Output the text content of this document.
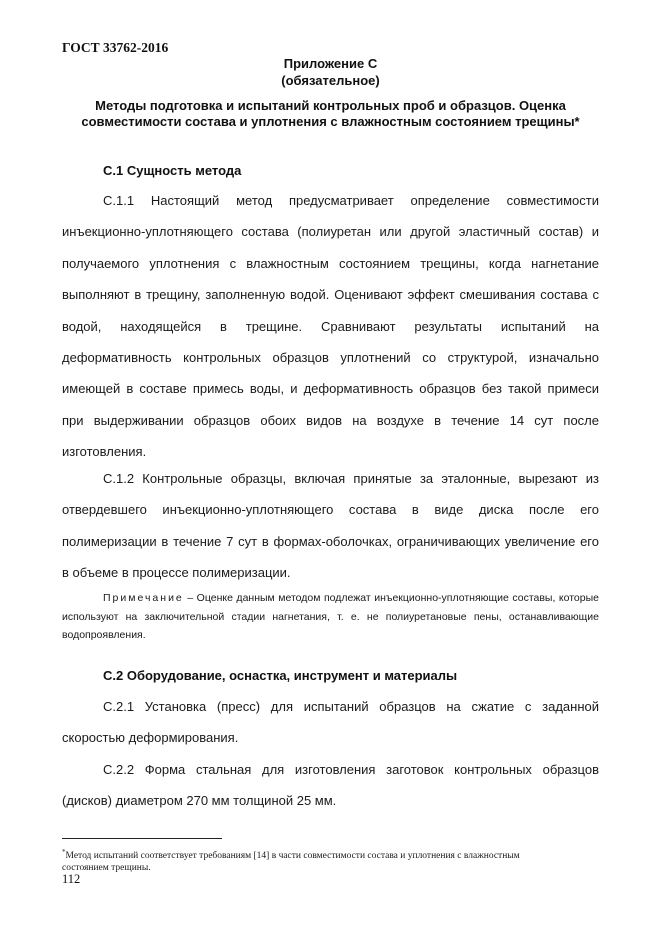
ГОСТ 33762-2016
Приложение С
(обязательное)
Методы подготовка и испытаний контрольных проб и образцов. Оценка совместимости состава и уплотнения с влажностным состоянием трещины*
С.1 Сущность метода
С.1.1 Настоящий метод предусматривает определение совместимости инъекционно-уплотняющего состава (полиуретан или другой эластичный состав) и получаемого уплотнения с влажностным состоянием трещины, когда нагнетание выполняют в трещину, заполненную водой. Оценивают эффект смешивания состава с водой, находящейся в трещине. Сравнивают результаты испытаний на деформативность контрольных образцов уплотнений со структурой, изначально имеющей в составе примесь воды, и деформативность образцов без такой примеси при выдерживании образцов обоих видов на воздухе в течение 14 сут после изготовления.
С.1.2 Контрольные образцы, включая принятые за эталонные, вырезают из отвердевшего инъекционно-уплотняющего состава в виде диска после его полимеризации в течение 7 сут в формах-оболочках, ограничивающих увеличение его в объеме в процессе полимеризации.
Примечание – Оценке данным методом подлежат инъекционно-уплотняющие составы, которые используют на заключительной стадии нагнетания, т. е. не полиуретановые пены, останавливающие водопроявления.
С.2 Оборудование, оснастка, инструмент и материалы
С.2.1 Установка (пресс) для испытаний образцов на сжатие с заданной скоростью деформирования.
С.2.2 Форма стальная для изготовления заготовок контрольных образцов (дисков) диаметром 270 мм толщиной 25 мм.
*Метод испытаний соответствует требованиям [14] в части совместимости состава и уплотнения с влажностным состоянием трещины.
112
